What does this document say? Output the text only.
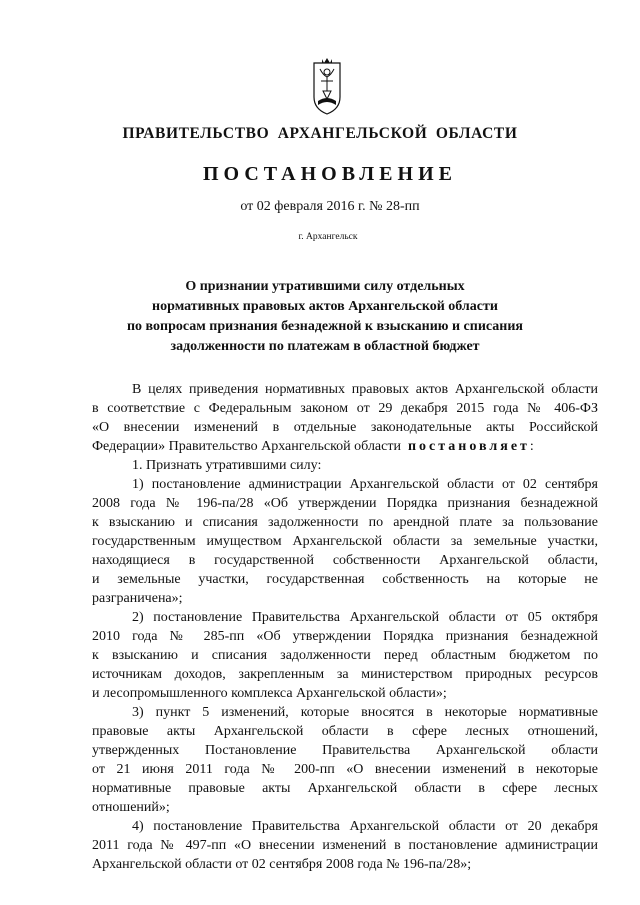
ПРАВИТЕЛЬСТВО АРХАНГЕЛЬСКОЙ ОБЛАСТИ
ПОСТАНОВЛЕНИЕ
от 02 февраля 2016 г. № 28-пп
г. Архангельск
О признании утратившими силу отдельных
нормативных правовых актов Архангельской области
по вопросам признания безнадежной к взысканию и списания
задолженности по платежам в областной бюджет
В целях приведения нормативных правовых актов Архангельской области
в соответствие с Федеральным законом от 29 декабря 2015 года № 406-ФЗ
«О внесении изменений в отдельные законодательные акты Российской
Федерации» Правительство Архангельской области постановляет:
1. Признать утратившими силу:
1) постановление администрации Архангельской области от 02 сентября
2008 года № 196-па/28 «Об утверждении Порядка признания безнадежной
к взысканию и списания задолженности по арендной плате за пользование
государственным имуществом Архангельской области за земельные участки,
находящиеся в государственной собственности Архангельской области,
и земельные участки, государственная собственность на которые не
разграничена»;
2) постановление Правительства Архангельской области от 05 октября
2010 года № 285-пп «Об утверждении Порядка признания безнадежной
к взысканию и списания задолженности перед областным бюджетом по
источникам доходов, закрепленным за министерством природных ресурсов
и лесопромышленного комплекса Архангельской области»;
3) пункт 5 изменений, которые вносятся в некоторые нормативные
правовые акты Архангельской области в сфере лесных отношений,
утвержденных Постановление Правительства Архангельской области
от 21 июня 2011 года № 200-пп «О внесении изменений в некоторые
нормативные правовые акты Архангельской области в сфере лесных
отношений»;
4) постановление Правительства Архангельской области от 20 декабря
2011 года № 497-пп «О внесении изменений в постановление администрации
Архангельской области от 02 сентября 2008 года № 196-па/28»;
